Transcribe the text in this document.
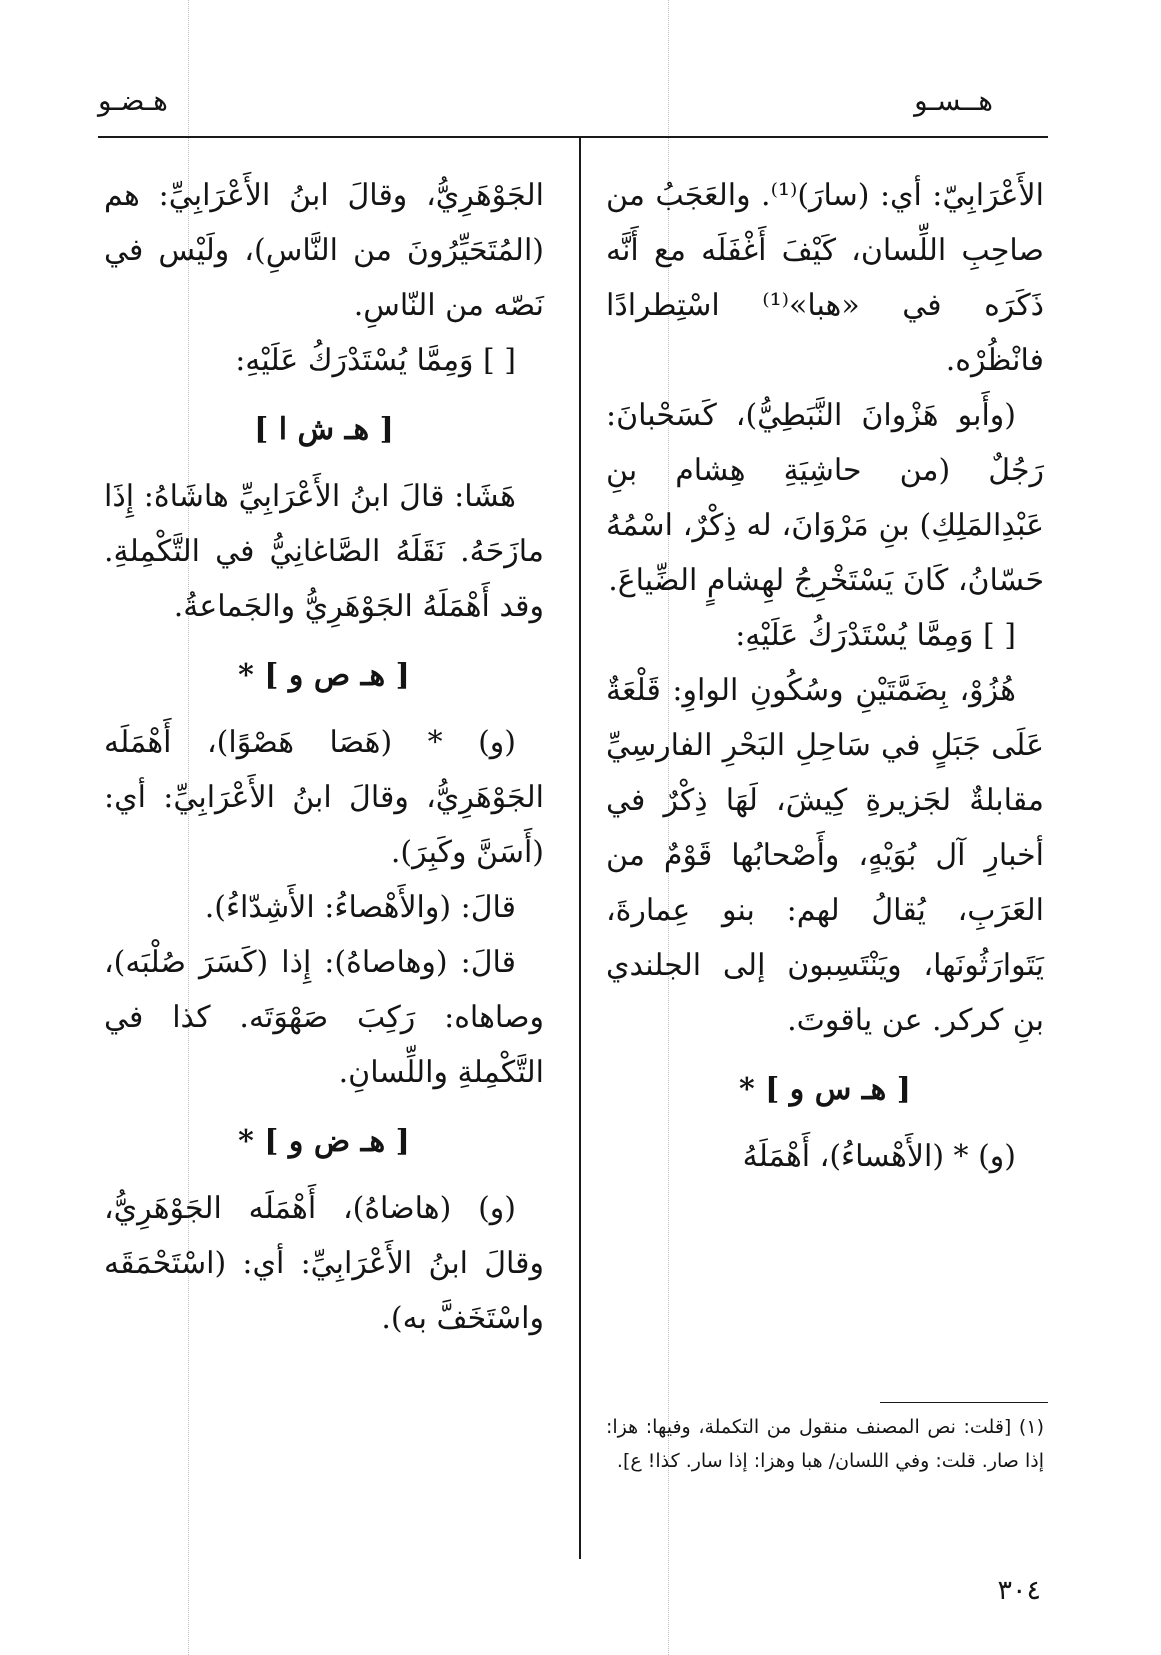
هـضـو	هــسـو

الأَعْرَابِيّ: أي: (سارَ)⁽¹⁾. والعَجَبُ من صاحِبِ اللِّسان، كَيْفَ أَغْفَلَه مع أَنَّه ذَكَرَه في «هبا»⁽¹⁾ اسْتِطرادًا فانْظُرْه.

(وأَبو هَزْوانَ النَّبَطِيُّ)، كَسَحْبانَ: رَجُلٌ (من حاشِيَةِ هِشام بنِ عَبْدِالمَلِكِ) بنِ مَرْوَانَ، له ذِكْرٌ، اسْمُهُ حَسّانُ، كَانَ يَسْتَخْرِجُ لهِشامٍ الضِّياعَ.

[ ] وَمِمَّا يُسْتَدْرَكُ عَلَيْهِ:

هُزُوْ، بِضَمَّتَيْنِ وسُكُونِ الواوِ: قَلْعَةٌ عَلَى جَبَلٍ في سَاحِلِ البَحْرِ الفارسِيِّ مقابلةٌ لجَزيرةِ كِيشَ، لَهَا ذِكْرٌ في أخبارِ آل بُوَيْهٍ، وأَصْحابُها قَوْمٌ من العَرَبِ، يُقالُ لهم: بنو عِمارةَ، يَتَوارَثُونَها، ويَنْتَسِبون إلى الجلندي بنِ كركر. عن ياقوتَ.

[ هـ س و ] *

(و) * (الأَهْساءُ)، أَهْمَلَهُ

الجَوْهَرِيُّ، وقالَ ابنُ الأَعْرَابِيِّ: هم (المُتَحَيِّرُونَ من النَّاسِ)، ولَيْس في نَصّه من النّاسِ.

[ ] وَمِمَّا يُسْتَدْرَكُ عَلَيْهِ:

[ هـ ش ا ]

هَشَا: قالَ ابنُ الأَعْرَابِيِّ هاشَاهُ: إِذَا مازَحَهُ. نَقَلَهُ الصَّاغانِيُّ في التَّكْمِلةِ. وقد أَهْمَلَهُ الجَوْهَرِيُّ والجَماعةُ.

[ هـ ص و ] *

(و) * (هَصَا هَصْوًا)، أَهْمَلَه الجَوْهَرِيُّ، وقالَ ابنُ الأَعْرَابِيِّ: أي: (أَسَنَّ وكَبِرَ).

قالَ: (والأَهْصاءُ: الأَشِدّاءُ).

قالَ: (وهاصاهُ): إِذا (كَسَرَ صُلْبَه)، وصاهاه: رَكِبَ صَهْوَتَه. كذا في التَّكْمِلةِ واللِّسانِ.

[ هـ ض و ] *

(و) (هاضاهُ)، أَهْمَلَه الجَوْهَرِيُّ، وقالَ ابنُ الأَعْرَابِيِّ: أي: (اسْتَحْمَقَه واسْتَخَفَّ به).

(١) [قلت: نص المصنف منقول من التكملة، وفيها: هزا: إذا صار. قلت: وفي اللسان/ هبا وهزا: إذا سار. كذا! ع].

٣٠٤
